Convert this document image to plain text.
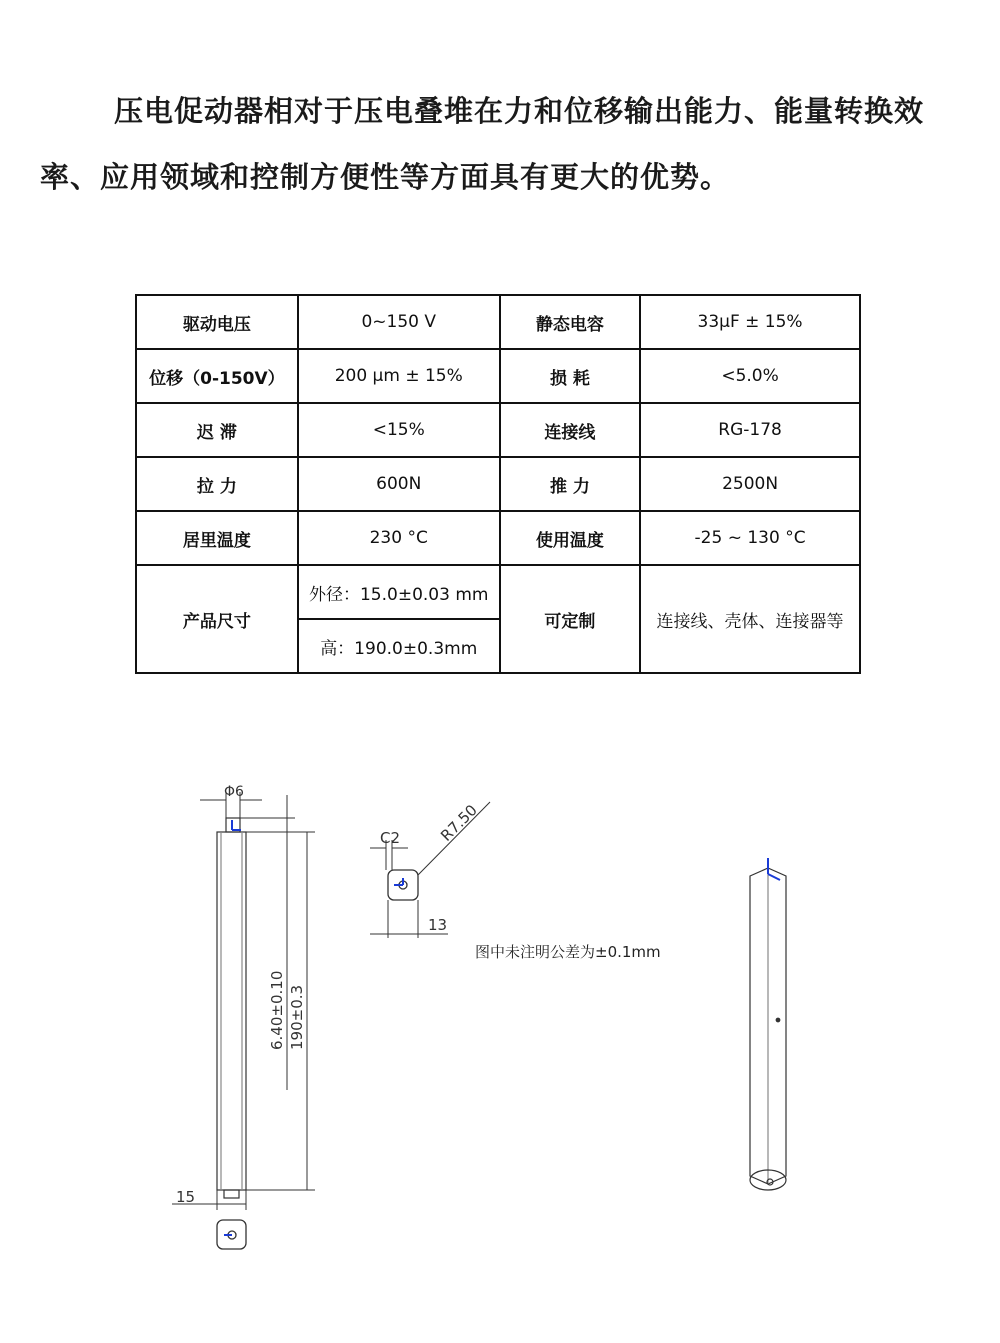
压电促动器相对于压电叠堆在力和位移输出能力、能量转换效率、应用领域和控制方便性等方面具有更大的优势。

驱动电压	0~150 V	静态电容	33μF ± 15%
位移（0-150V）	200 μm ± 15%	损 耗	<5.0%
迟 滞	<15%	连接线	RG-178
拉 力	600N	推 力	2500N
居里温度	230 °C	使用温度	-25 ~ 130 °C
产品尺寸	外径：15.0±0.03 mm	可定制	连接线、壳体、连接器等
	高：190.0±0.3mm		
Φ6
6.40±0.10 190±0.3
15
C2 R7.50
13
图中未注明公差为±0.1mm
